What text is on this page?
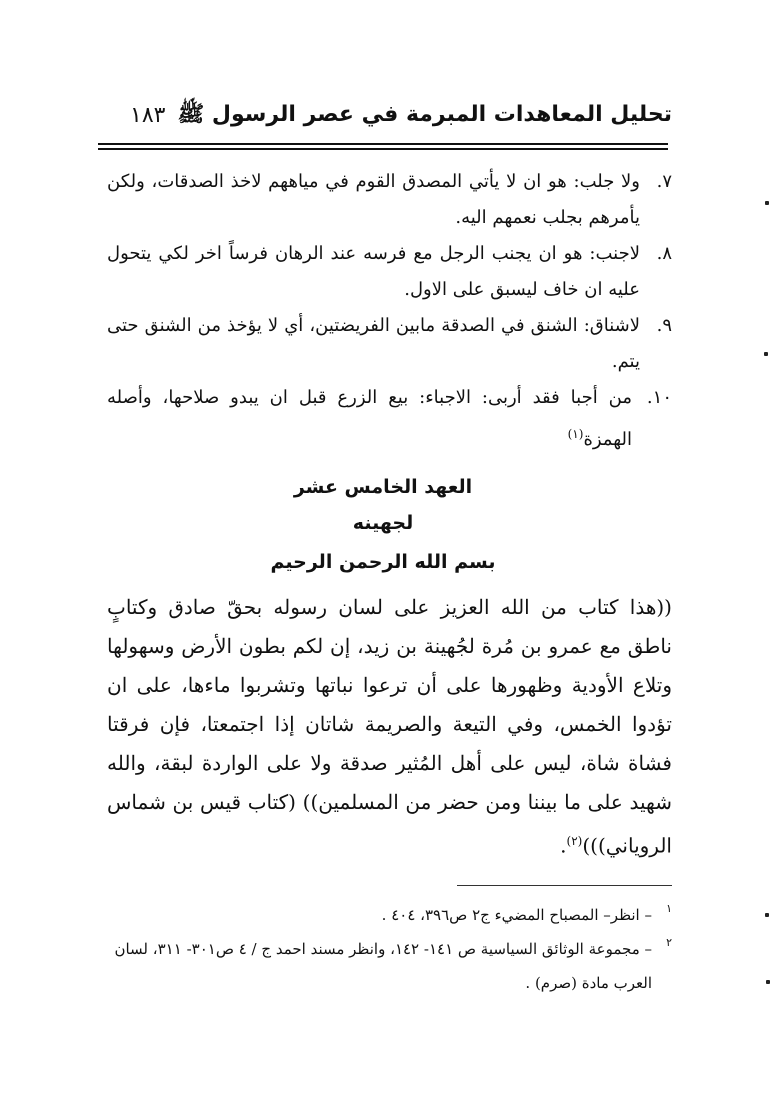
تحليل المعاهدات المبرمة في عصر الرسول ﷺ
١٨٣
٧.
ولا جلب: هو ان لا يأتي المصدق القوم في مياههم لاخذ الصدقات، ولكن يأمرهم بجلب نعمهم اليه.
٨.
لاجنب: هو ان يجنب الرجل مع فرسه عند الرهان فرساً اخر لكي يتحول عليه ان خاف ليسبق على الاول.
٩.
لاشناق: الشنق في الصدقة مابين الفريضتين، أي لا يؤخذ من الشنق حتى يتم.
١٠.
من أجبا فقد أربى: الاجباء: بيع الزرع قبل ان يبدو صلاحها، وأصله الهمزة$^{(١)}$
العهد الخامس عشر
لجهينه
بسم الله الرحمن الرحيم
((هذا كتاب من الله العزيز على لسان رسوله بحقّ صادق وكتابٍ ناطق مع عمرو بن مُرة لجُهينة بن زيد، إن لكم بطون الأرض وسهولها وتلاع الأودية وظهورها على أن ترعوا نباتها وتشربوا ماءها، على ان تؤدوا الخمس، وفي التيعة والصريمة شاتان إذا اجتمعتا، فإن فرقتا فشاة شاة، ليس على أهل المُثير صدقة ولا على الواردة لبقة، والله شهيد على ما بيننا ومن حضر من المسلمين)) (كتاب قيس بن شماس الروياني)))$^{(٢)}$.
١
– انظر– المصباح المضيء ج٢ ص٣٩٦، ٤٠٤ .
٢
– مجموعة الوثائق السياسية ص ١٤١- ١٤٢، وانظر مسند احمد ج / ٤ ص٣٠١- ٣١١، لسان العرب مادة (صرم) .
